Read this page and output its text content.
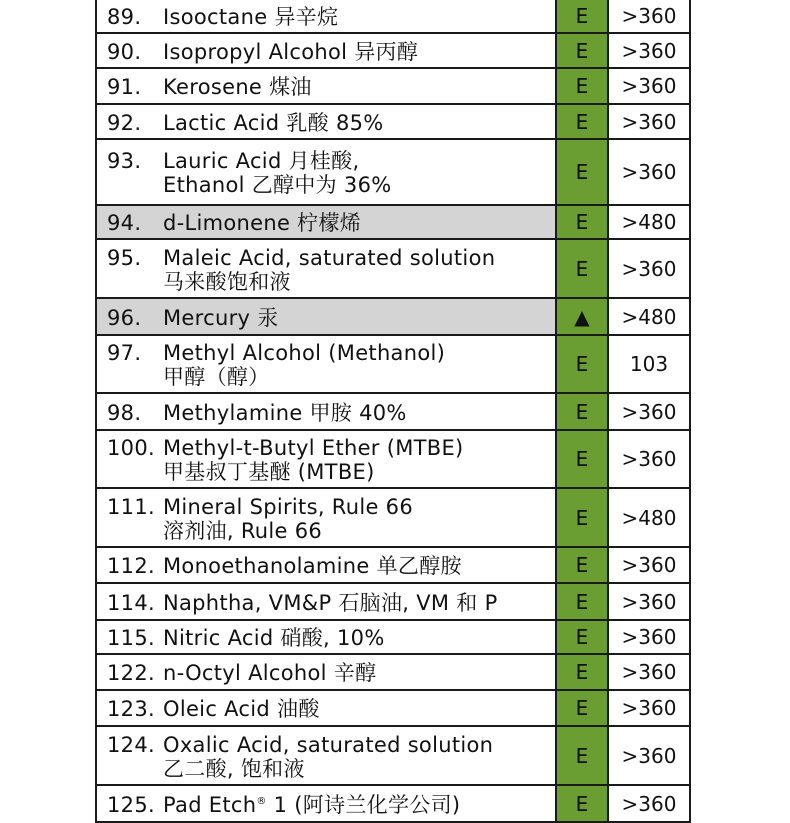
89. Isooctane 异辛烷	E	>360

90. Isopropyl Alcohol 异丙醇	E	>360

91. Kerosene 煤油	E	>360

92. Lactic Acid 乳酸 85%	E	>360

93. Lauric Acid 月桂酸,
Ethanol 乙醇中为 36%	E	>360

94. d-Limonene 柠檬烯	E	>480

95. Maleic Acid, saturated solution
马来酸饱和液	E	>360

96. Mercury 汞	▲	>480

97. Methyl Alcohol (Methanol)
甲醇（醇）	E	103

98. Methylamine 甲胺 40%	E	>360

100. Methyl-t-Butyl Ether (MTBE)
甲基叔丁基醚 (MTBE)	E	>360

111. Mineral Spirits, Rule 66
溶剂油, Rule 66	E	>480

112. Monoethanolamine 单乙醇胺	E	>360

114. Naphtha, VM&P 石脑油, VM 和 P	E	>360

115. Nitric Acid 硝酸, 10%	E	>360

122. n-Octyl Alcohol 辛醇	E	>360

123. Oleic Acid 油酸	E	>360

124. Oxalic Acid, saturated solution
乙二酸, 饱和液	E	>360

125. Pad Etch® 1 (阿诗兰化学公司)	E	>360
